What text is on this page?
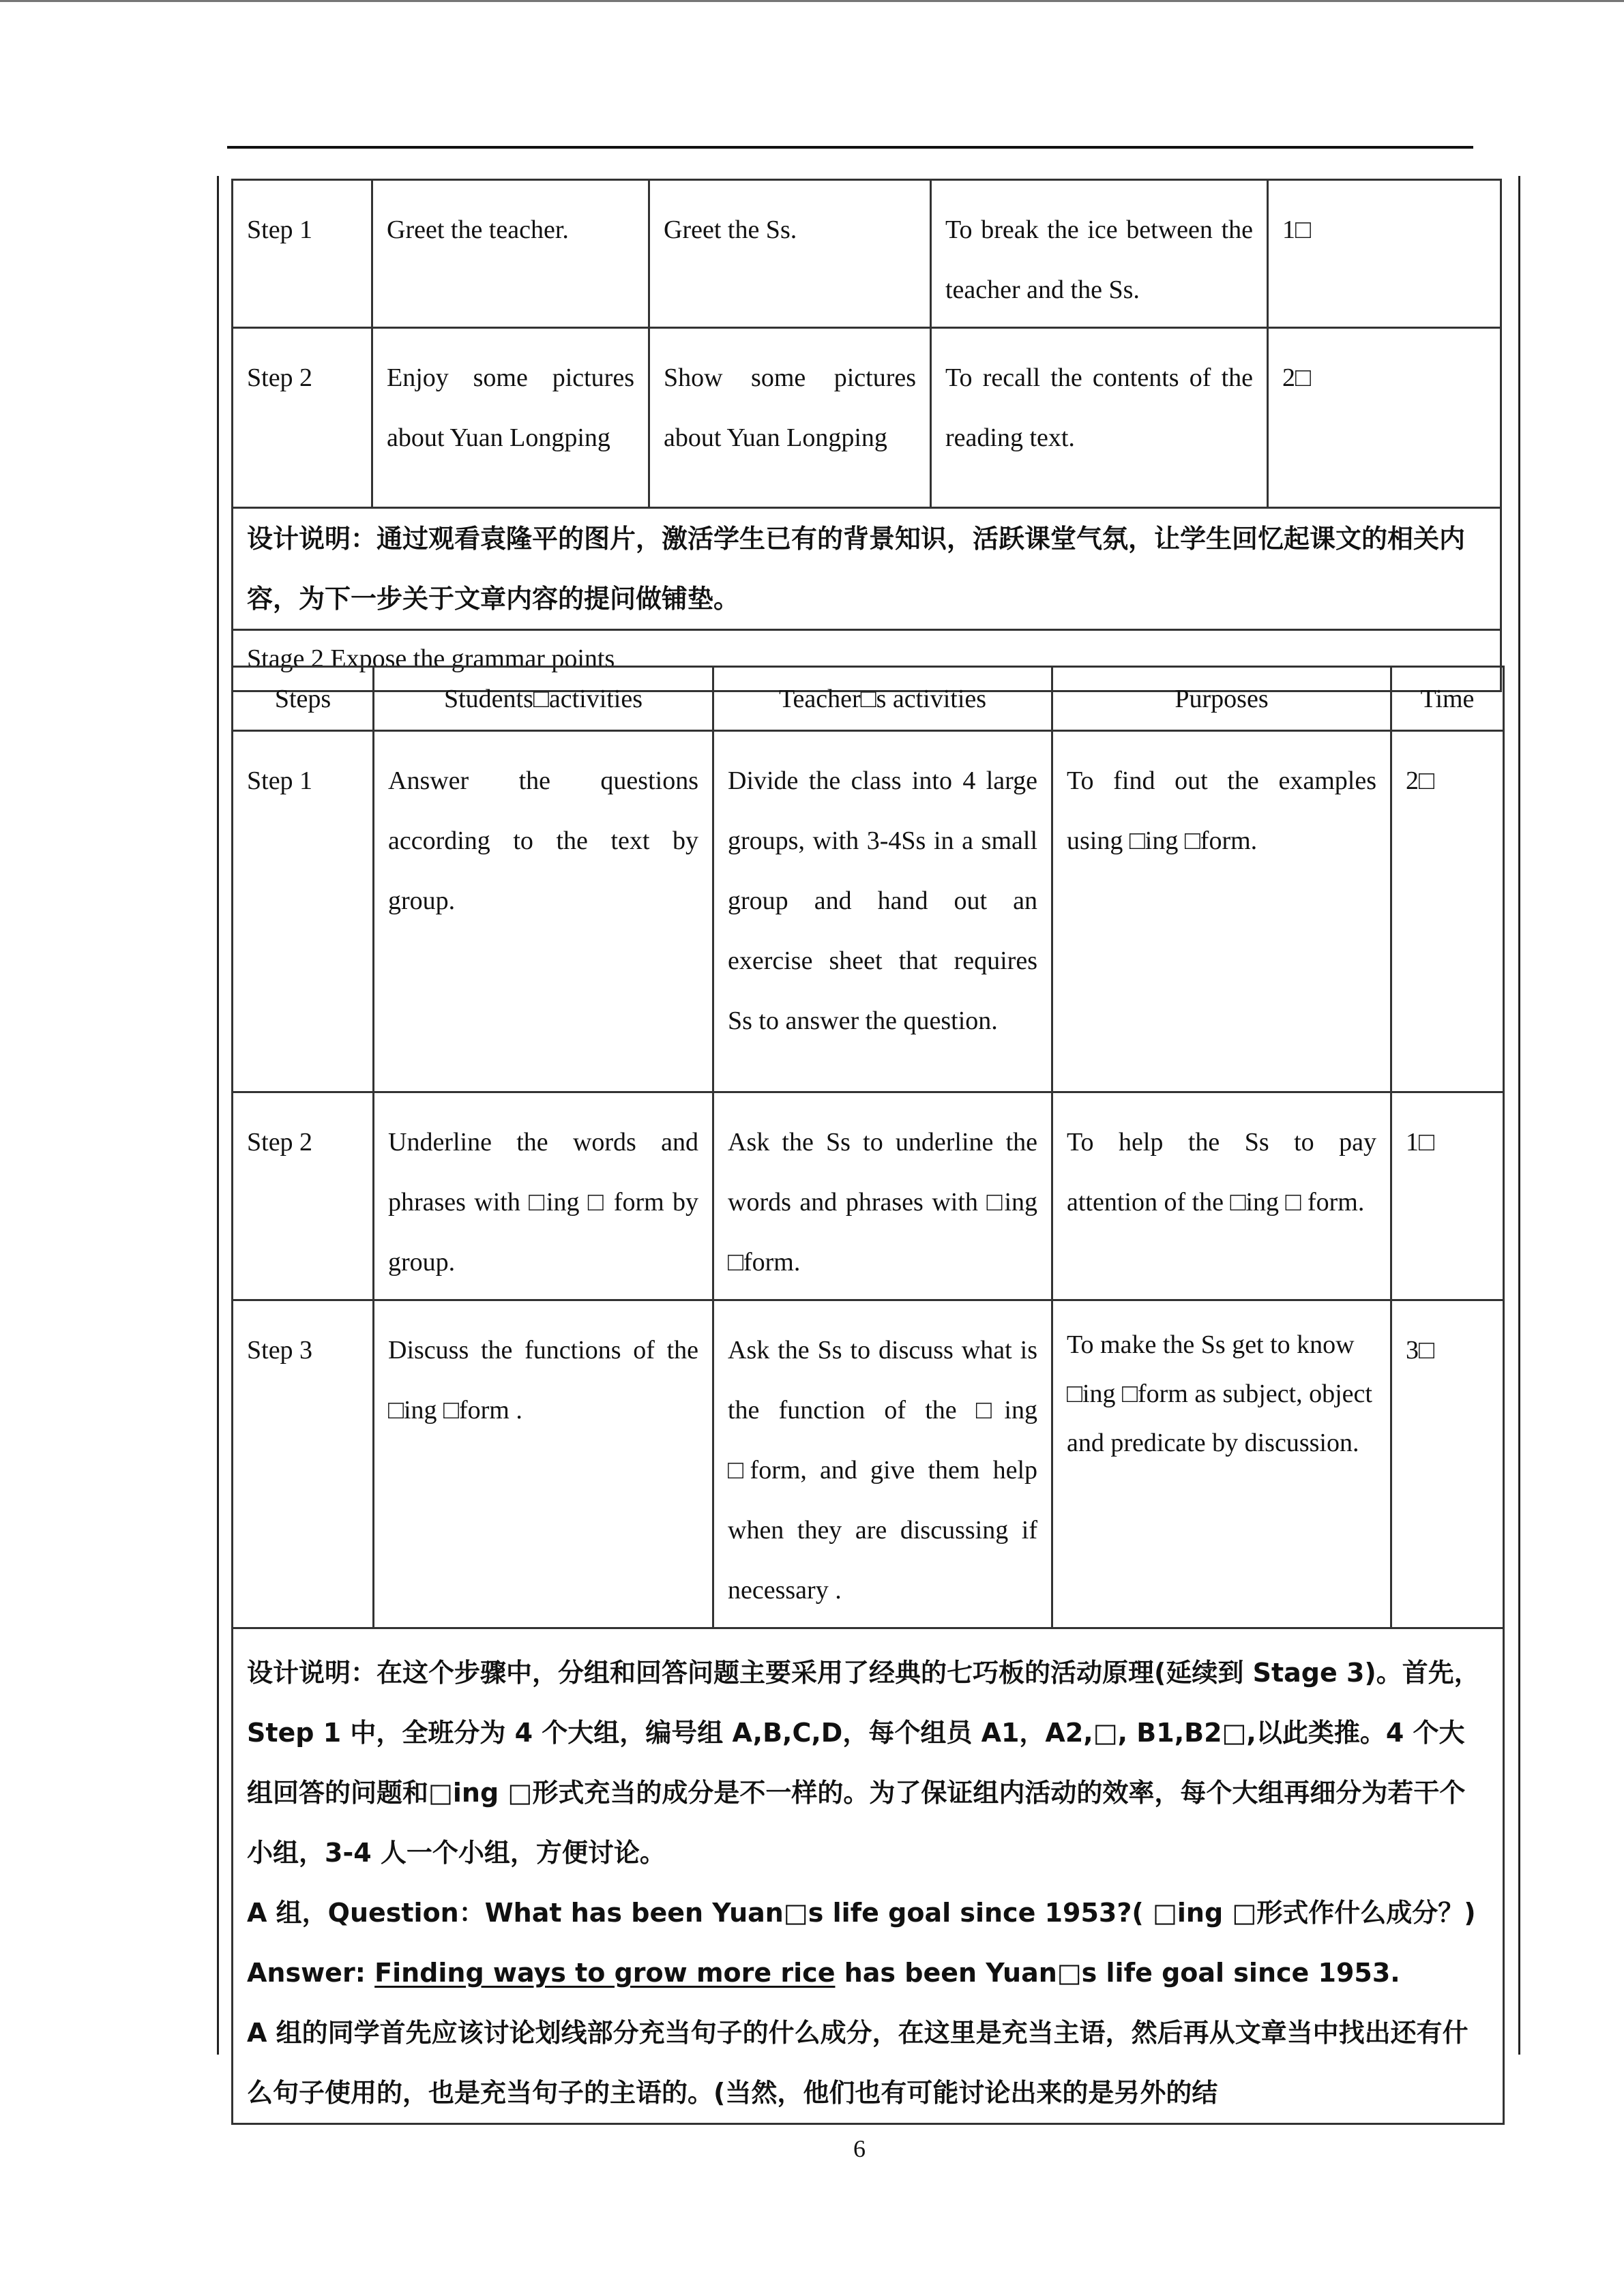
Step 1	Greet the teacher.	Greet the Ss.	To break the ice between the teacher and the Ss.	1□
Step 2	Enjoy some pictures about Yuan Longping	Show some pictures about Yuan Longping	To recall the contents of the reading text.	2□
设计说明：通过观看袁隆平的图片，激活学生已有的背景知识，活跃课堂气氛，让学生回忆起课文的相关内容，为下一步关于文章内容的提问做铺垫。				
Stage 2 Expose the grammar points				
Steps	Students□activities	Teacher□s activities	Purposes	Time
Step 1	Answer the questions according to the text by group.	Divide the class into 4 large groups, with 3-4Ss in a small group and hand out an exercise sheet that requires Ss to answer the question.	To find out the examples using □ing □form.	2□
Step 2	Underline the words and phrases with □ing □ form by group.	Ask the Ss to underline the words and phrases with □ing □form.	To help the Ss to pay attention of the □ing □ form.	1□
Step 3	Discuss the functions of the □ing □form .	Ask the Ss to discuss what is the function of the □ing □form, and give them help when they are discussing if necessary .	To make the Ss get to know □ing □form as subject, object and predicate by discussion.	3□

设计说明：在这个步骤中，分组和回答问题主要采用了经典的七巧板的活动原理(延续到 Stage 3)。首先，Step 1 中，全班分为 4 个大组，编号组 A,B,C,D，每个组员 A1，A2,□, B1,B2□,以此类推。4 个大组回答的问题和□ing □形式充当的成分是不一样的。为了保证组内活动的效率，每个大组再细分为若干个小组，3-4 人一个小组，方便讨论。
A 组，Question：What has been Yuan□s life goal since 1953?( □ing □形式作什么成分？)
Answer: Finding ways to grow more rice has been Yuan□s life goal since 1953.
A 组的同学首先应该讨论划线部分充当句子的什么成分，在这里是充当主语，然后再从文章当中找出还有什么句子使用的，也是充当句子的主语的。(当然，他们也有可能讨论出来的是另外的结				
6
